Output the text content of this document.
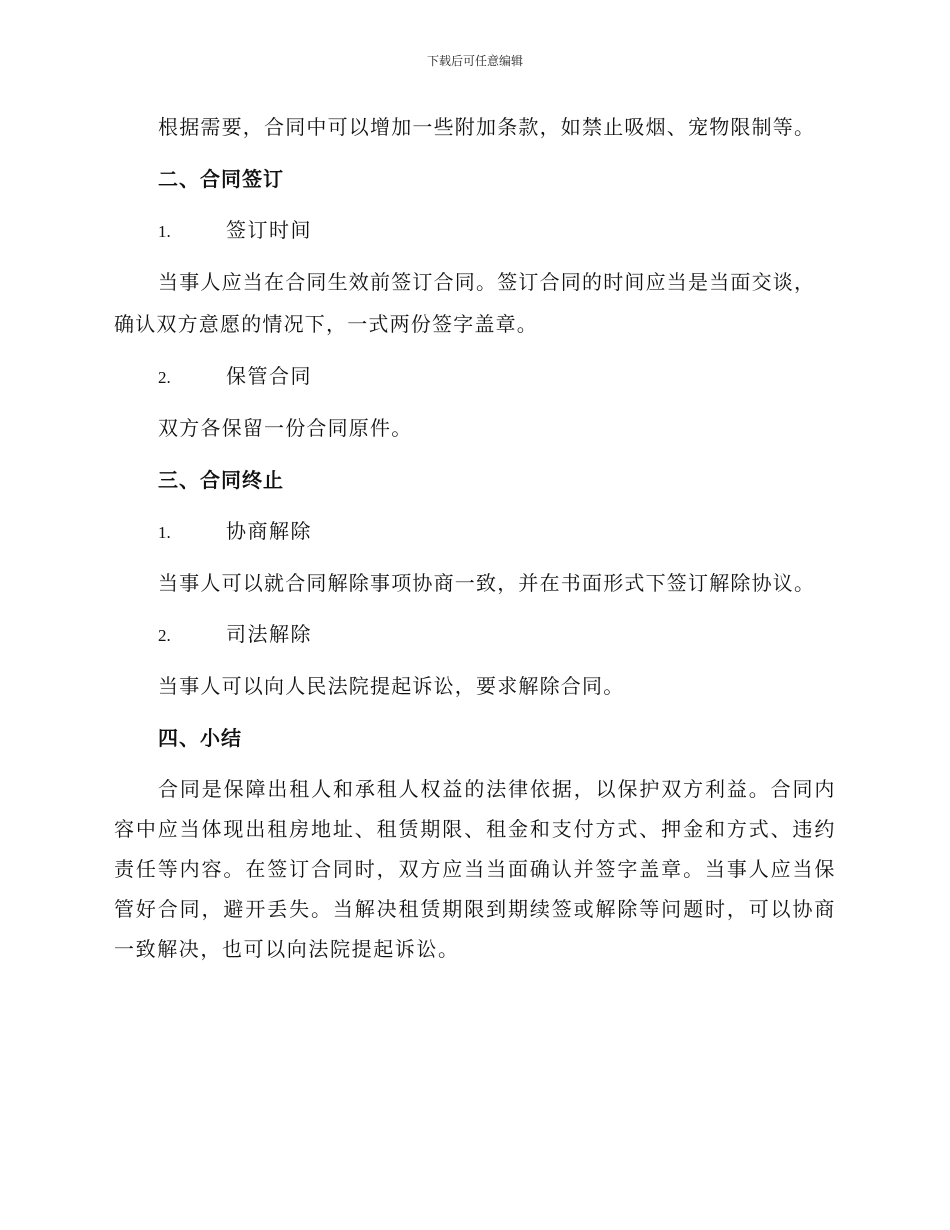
下载后可任意编辑
根据需要，合同中可以增加一些附加条款，如禁止吸烟、宠物限制等。
二、合同签订
1.	签订时间
当事人应当在合同生效前签订合同。签订合同的时间应当是当面交谈，
确认双方意愿的情况下，一式两份签字盖章。
2.	保管合同
双方各保留一份合同原件。
三、合同终止
1.	协商解除
当事人可以就合同解除事项协商一致，并在书面形式下签订解除协议。
2.	司法解除
当事人可以向人民法院提起诉讼，要求解除合同。
四、小结
合同是保障出租人和承租人权益的法律依据，以保护双方利益。合同内容中应当体现出租房地址、租赁期限、租金和支付方式、押金和方式、违约责任等内容。在签订合同时，双方应当当面确认并签字盖章。当事人应当保管好合同，避开丢失。当解决租赁期限到期续签或解除等问题时，可以协商一致解决，也可以向法院提起诉讼。
